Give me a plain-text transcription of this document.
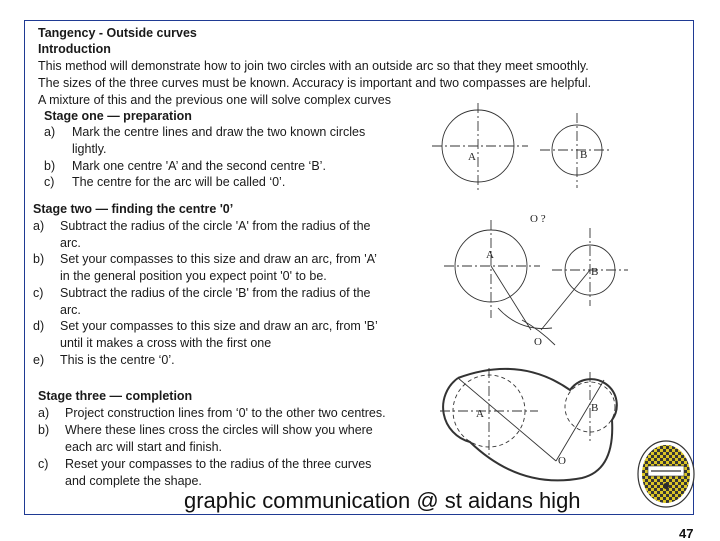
Tangency - Outside curves
Introduction
This method will demonstrate how to join two circles with an outside arc so that they meet smoothly.
The sizes of the three curves must be known. Accuracy is important and two compasses are helpful.
A mixture of this and the previous one will solve complex curves
Stage one — preparation
a) Mark the centre lines and draw the two known circles
lightly.
b) Mark one centre 'A’ and the second centre ‘B’.
c) The centre for the arc will be called ‘0’.
Stage two — finding the centre '0’
a) Subtract the radius of the circle 'A' from the radius of the
arc.
b) Set your compasses to this size and draw an arc, from 'A’
in the general position you expect point '0' to be.
c) Subtract the radius of the circle 'B' from the radius of the
arc.
d) Set your compasses to this size and draw an arc, from 'B’
until it makes a cross with the first one
e) This is the centre ‘0’.
Stage three — completion
a) Project construction lines from ‘0' to the other two centres.
b) Where these lines cross the circles will show you where
each arc will start and finish.
c) Reset your compasses to the radius of the three curves
and complete the shape.
A	B
O ?
A
B
O
A	B
O
graphic communication @ st aidans high
47
